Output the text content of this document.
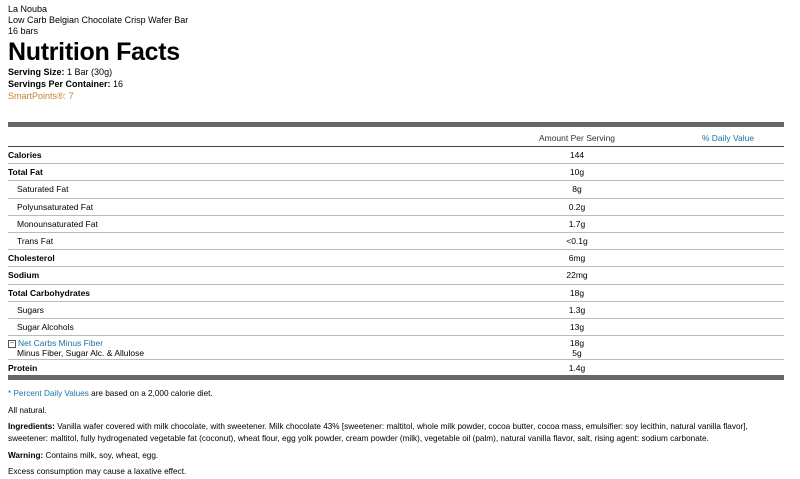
La Nouba
Low Carb Belgian Chocolate Crisp Wafer Bar
16 bars
Nutrition Facts
Serving Size: 1 Bar (30g)
Servings Per Container: 16
SmartPoints®: 7
Amount Per Serving	% Daily Value
Calories	144
Total Fat	10g
Saturated Fat	8g
Polyunsaturated Fat	0.2g
Monounsaturated Fat	1.7g
Trans Fat	<0.1g
Cholesterol	6mg
Sodium	22mg
Total Carbohydrates	18g
Sugars	1.3g
Sugar Alcohols	13g
− Net Carbs Minus Fiber	18g
Minus Fiber, Sugar Alc. & Allulose	5g
Protein	1.4g

* Percent Daily Values are based on a 2,000 calorie diet.

All natural.

Ingredients: Vanilla wafer covered with milk chocolate, with sweetener. Milk chocolate 43% [sweetener: maltitol, whole milk powder, cocoa butter, cocoa mass, emulsifier: soy lecithin, natural vanilla flavor], sweetener: maltitol, fully hydrogenated vegetable fat (coconut), wheat flour, egg yolk powder, cream powder (milk), vegetable oil (palm), natural vanilla flavor, salt, rising agent: sodium carbonate.

Warning: Contains milk, soy, wheat, egg.

Excess consumption may cause a laxative effect.
